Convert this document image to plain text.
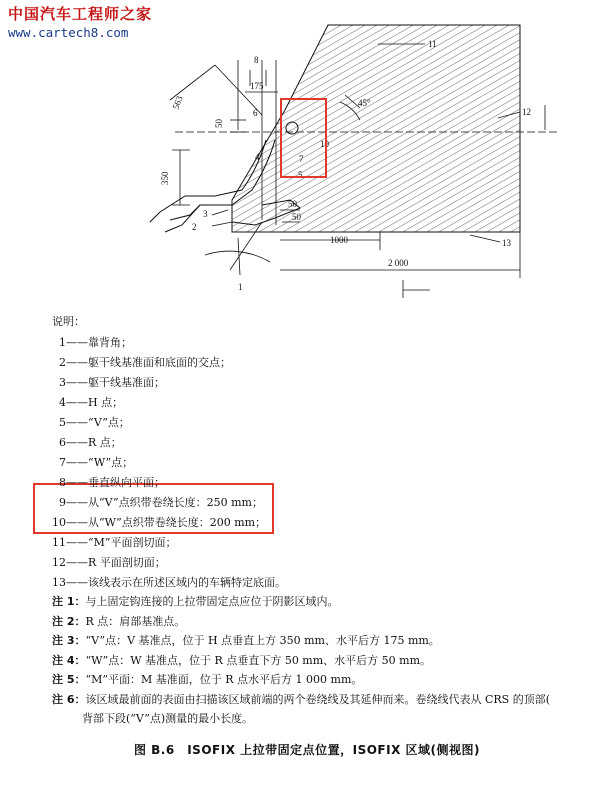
中国汽车工程师之家
www.cartech8.com
175
563
50
350
50
50
1000
2 000
45°
1
2
3
4
5
6
7
8
10
11
12
13
说明：
1——靠背角；
2——躯干线基准面和底面的交点；
3——躯干线基准面；
4——H 点；
5——“V”点；
6——R 点；
7——“W”点；
8——垂直纵向平面；
9——从“V”点织带卷绕长度：250 mm；
10——从“W”点织带卷绕长度：200 mm；
11——“M”平面剖切面；
12——R 平面剖切面；
13——该线表示在所述区域内的车辆特定底面。
注 1：与上固定钩连接的上拉带固定点应位于阴影区域内。
注 2：R 点：肩部基准点。
注 3：“V”点：V 基准点，位于 H 点垂直上方 350 mm、水平后方 175 mm。
注 4：“W”点：W 基准点，位于 R 点垂直下方 50 mm、水平后方 50 mm。
注 5：“M”平面：M 基准面，位于 R 点水平后方 1 000 mm。
注 6：该区域最前面的表面由扫描该区域前端的两个卷绕线及其延伸而来。卷绕线代表从 CRS 的顶部(
背部下段(“V”点)测量的最小长度。
图 B.6　ISOFIX 上拉带固定点位置，ISOFIX 区域(侧视图)
